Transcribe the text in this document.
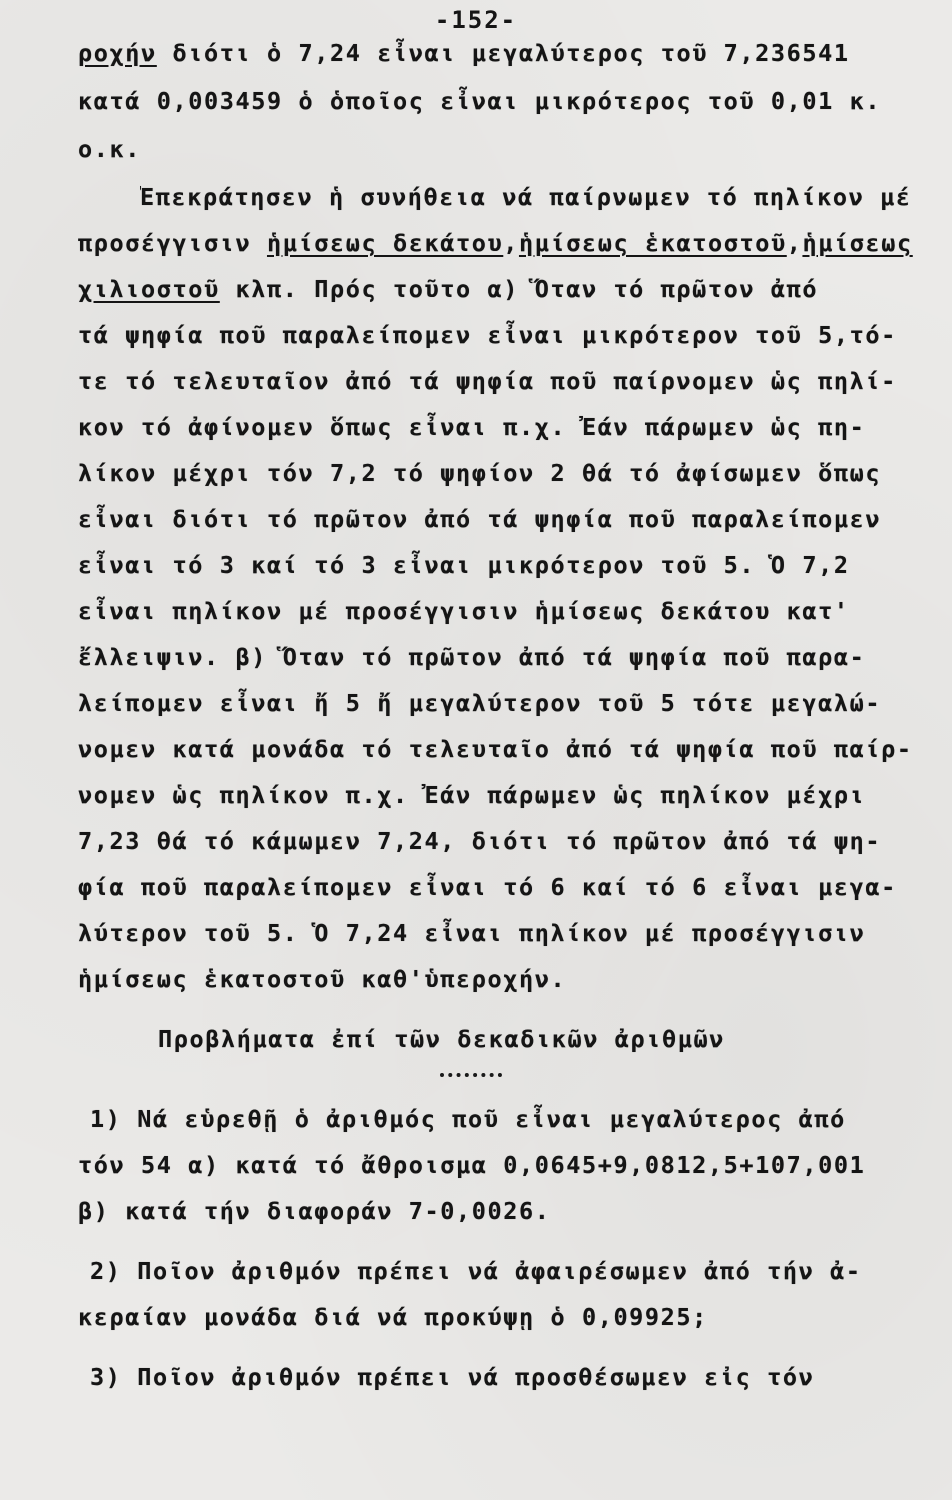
-152-
ροχήν διότι ὁ 7,24 εἶναι μεγαλύτερος τοῦ 7,236541
κατά 0,003459 ὁ ὁποῖος εἶναι μικρότερος τοῦ 0,01 κ.
ο.κ.
Ἐπεκράτησεν ἡ συνήθεια νά παίρνωμεν τό πηλίκον μέ
προσέγγισιν ἡμίσεως δεκάτου,ἡμίσεως ἑκατοστοῦ,ἡμίσεως
χιλιοστοῦ κλπ. Πρός τοῦτο α) Ὅταν τό πρῶτον ἀπό
τά ψηφία ποῦ παραλείπομεν εἶναι μικρότερον τοῦ 5,τό-
τε τό τελευταῖον ἀπό τά ψηφία ποῦ παίρνομεν ὡς πηλί-
κον τό ἀφίνομεν ὅπως εἶναι π.χ. Ἐάν πάρωμεν ὡς πη-
λίκον μέχρι τόν 7,2 τό ψηφίον 2 θά τό ἀφίσωμεν ὅπως
εἶναι διότι τό πρῶτον ἀπό τά ψηφία ποῦ παραλείπομεν
εἶναι τό 3 καί τό 3 εἶναι μικρότερον τοῦ 5. Ὁ 7,2
εἶναι πηλίκον μέ προσέγγισιν ἡμίσεως δεκάτου κατ'
ἔλλειψιν. β) Ὅταν τό πρῶτον ἀπό τά ψηφία ποῦ παρα-
λείπομεν εἶναι ἤ 5 ἤ μεγαλύτερον τοῦ 5 τότε μεγαλώ-
νομεν κατά μονάδα τό τελευταῖο ἀπό τά ψηφία ποῦ παίρ-
νομεν ὡς πηλίκον π.χ. Ἐάν πάρωμεν ὡς πηλίκον μέχρι
7,23 θά τό κάμωμεν 7,24, διότι τό πρῶτον ἀπό τά ψη-
φία ποῦ παραλείπομεν εἶναι τό 6 καί τό 6 εἶναι μεγα-
λύτερον τοῦ 5. Ὁ 7,24 εἶναι πηλίκον μέ προσέγγισιν
ἡμίσεως ἑκατοστοῦ καθ'ὑπεροχήν.
Προβλήματα ἐπί τῶν δεκαδικῶν ἀριθμῶν
1) Νά εὑρεθῇ ὁ ἀριθμός ποῦ εἶναι μεγαλύτερος ἀπό
τόν 54 α) κατά τό ἄθροισμα 0,0645+9,0812,5+107,001
β) κατά τήν διαφοράν 7-0,0026.
2) Ποῖον ἀριθμόν πρέπει νά ἀφαιρέσωμεν ἀπό τήν ἀ-
κεραίαν μονάδα διά νά προκύψῃ ὁ 0,09925;
3) Ποῖον ἀριθμόν πρέπει νά προσθέσωμεν εἰς τόν
